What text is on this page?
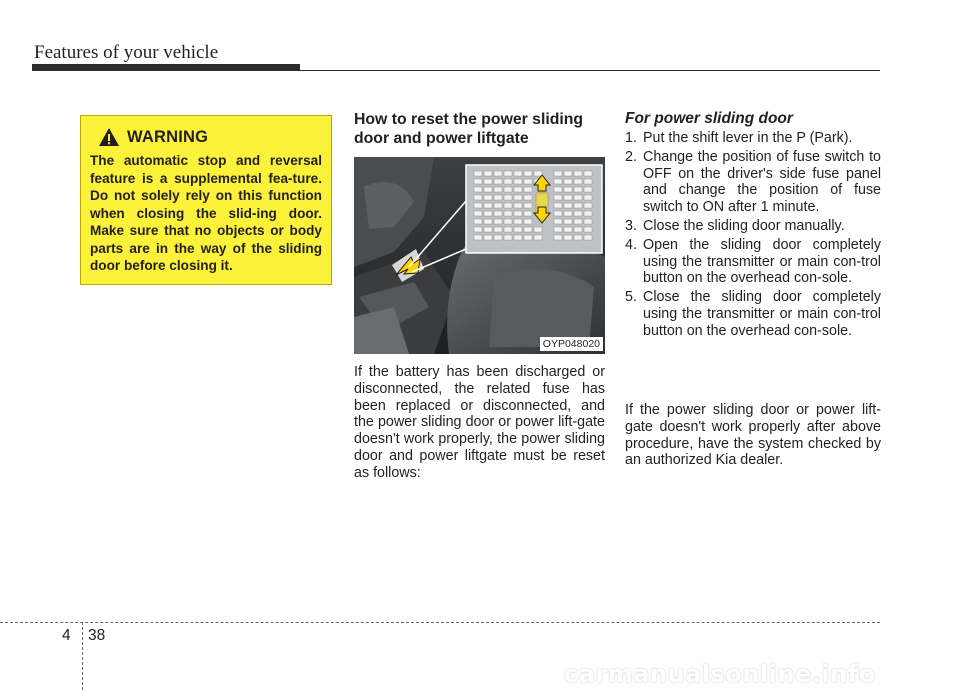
Features of your vehicle
WARNING
The automatic stop and reversal feature is a supplemental fea-ture. Do not solely rely on this function when closing the slid-ing door. Make sure that no objects or body parts are in the way of the sliding door before closing it.
How to reset the power sliding
door and power liftgate
OYP048020
If the battery has been discharged or disconnected, the related fuse has been replaced or disconnected, and the power sliding door or power lift-gate doesn't work properly, the power sliding door and power liftgate must be reset as follows:
For power sliding door
1. Put the shift lever in the P (Park).
2. Change the position of fuse switch to OFF on the driver's side fuse panel and change the position of fuse switch to ON after 1 minute.
3. Close the sliding door manually.
4. Open the sliding door completely using the transmitter or main con-trol button on the overhead con-sole.
5. Close the sliding door completely using the transmitter or main con-trol button on the overhead con-sole.
If the power sliding door or power lift-gate doesn't work properly after above procedure, have the system checked by an authorized Kia dealer.
4 38
carmanualsonline.info
